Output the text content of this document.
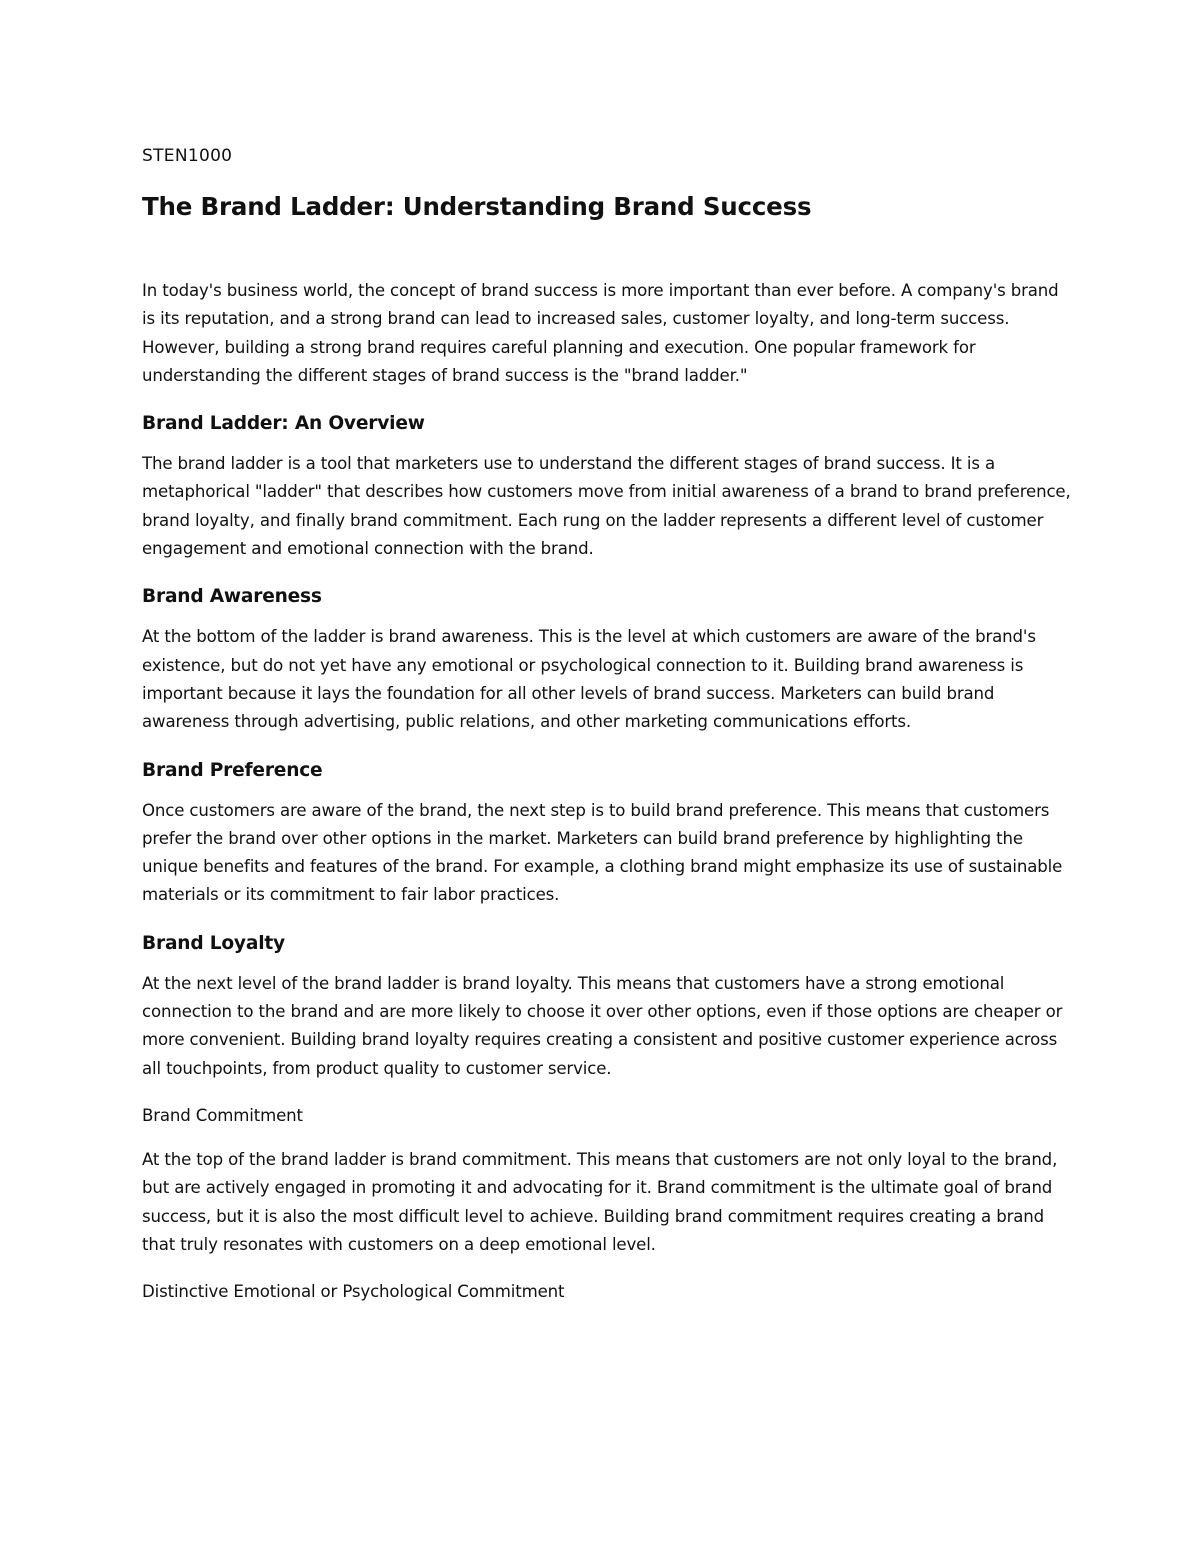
STEN1000

The Brand Ladder: Understanding Brand Success

In today's business world, the concept of brand success is more important than ever before. A company's brand is its reputation, and a strong brand can lead to increased sales, customer loyalty, and long-term success. However, building a strong brand requires careful planning and execution. One popular framework for understanding the different stages of brand success is the "brand ladder."

Brand Ladder: An Overview

The brand ladder is a tool that marketers use to understand the different stages of brand success. It is a metaphorical "ladder" that describes how customers move from initial awareness of a brand to brand preference, brand loyalty, and finally brand commitment. Each rung on the ladder represents a different level of customer engagement and emotional connection with the brand.

Brand Awareness

At the bottom of the ladder is brand awareness. This is the level at which customers are aware of the brand's existence, but do not yet have any emotional or psychological connection to it. Building brand awareness is important because it lays the foundation for all other levels of brand success. Marketers can build brand awareness through advertising, public relations, and other marketing communications efforts.

Brand Preference

Once customers are aware of the brand, the next step is to build brand preference. This means that customers prefer the brand over other options in the market. Marketers can build brand preference by highlighting the unique benefits and features of the brand. For example, a clothing brand might emphasize its use of sustainable materials or its commitment to fair labor practices.

Brand Loyalty

At the next level of the brand ladder is brand loyalty. This means that customers have a strong emotional connection to the brand and are more likely to choose it over other options, even if those options are cheaper or more convenient. Building brand loyalty requires creating a consistent and positive customer experience across all touchpoints, from product quality to customer service.

Brand Commitment

At the top of the brand ladder is brand commitment. This means that customers are not only loyal to the brand, but are actively engaged in promoting it and advocating for it. Brand commitment is the ultimate goal of brand success, but it is also the most difficult level to achieve. Building brand commitment requires creating a brand that truly resonates with customers on a deep emotional level.

Distinctive Emotional or Psychological Commitment
